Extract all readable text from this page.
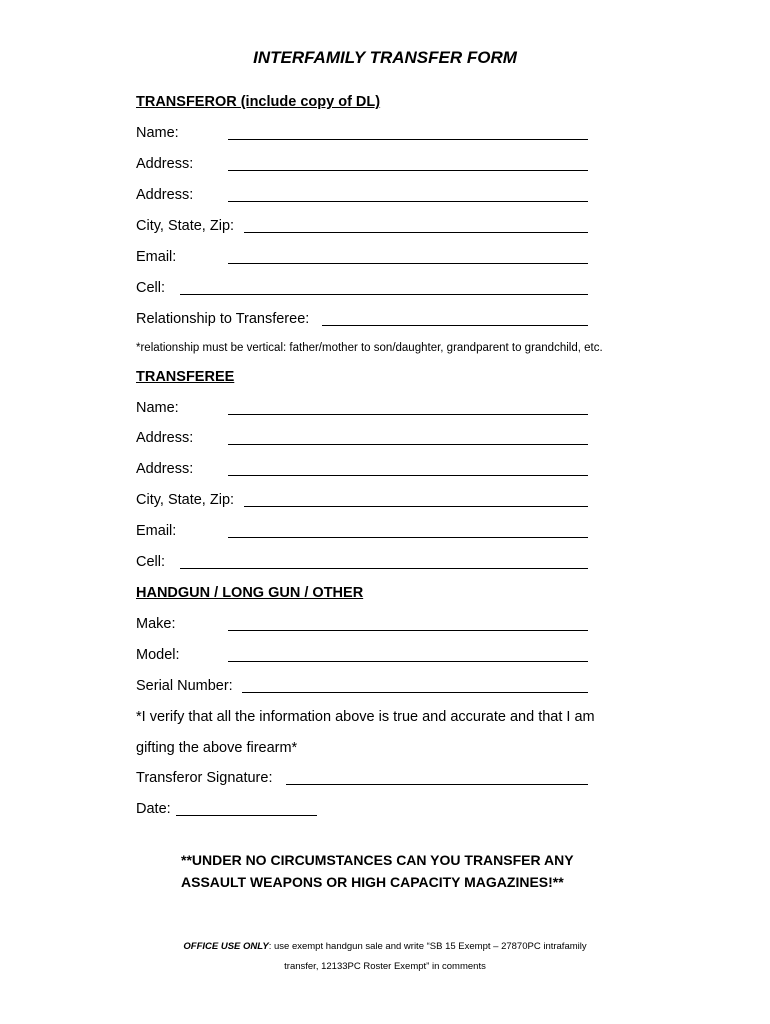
INTERFAMILY TRANSFER FORM
TRANSFEROR (include copy of DL)
Name:
Address:
Address:
City, State, Zip:
Email:
Cell:
Relationship to Transferee:
*relationship must be vertical: father/mother to son/daughter, grandparent to grandchild, etc.
TRANSFEREE
Name:
Address:
Address:
City, State, Zip:
Email:
Cell:
HANDGUN / LONG GUN / OTHER
Make:
Model:
Serial Number:
*I verify that all the information above is true and accurate and that I am
gifting the above firearm*
Transferor Signature:
Date:
**UNDER NO CIRCUMSTANCES CAN YOU TRANSFER ANY
ASSAULT WEAPONS OR HIGH CAPACITY MAGAZINES!**
OFFICE USE ONLY: use exempt handgun sale and write “SB 15 Exempt – 27870PC intrafamily
transfer, 12133PC Roster Exempt” in comments
